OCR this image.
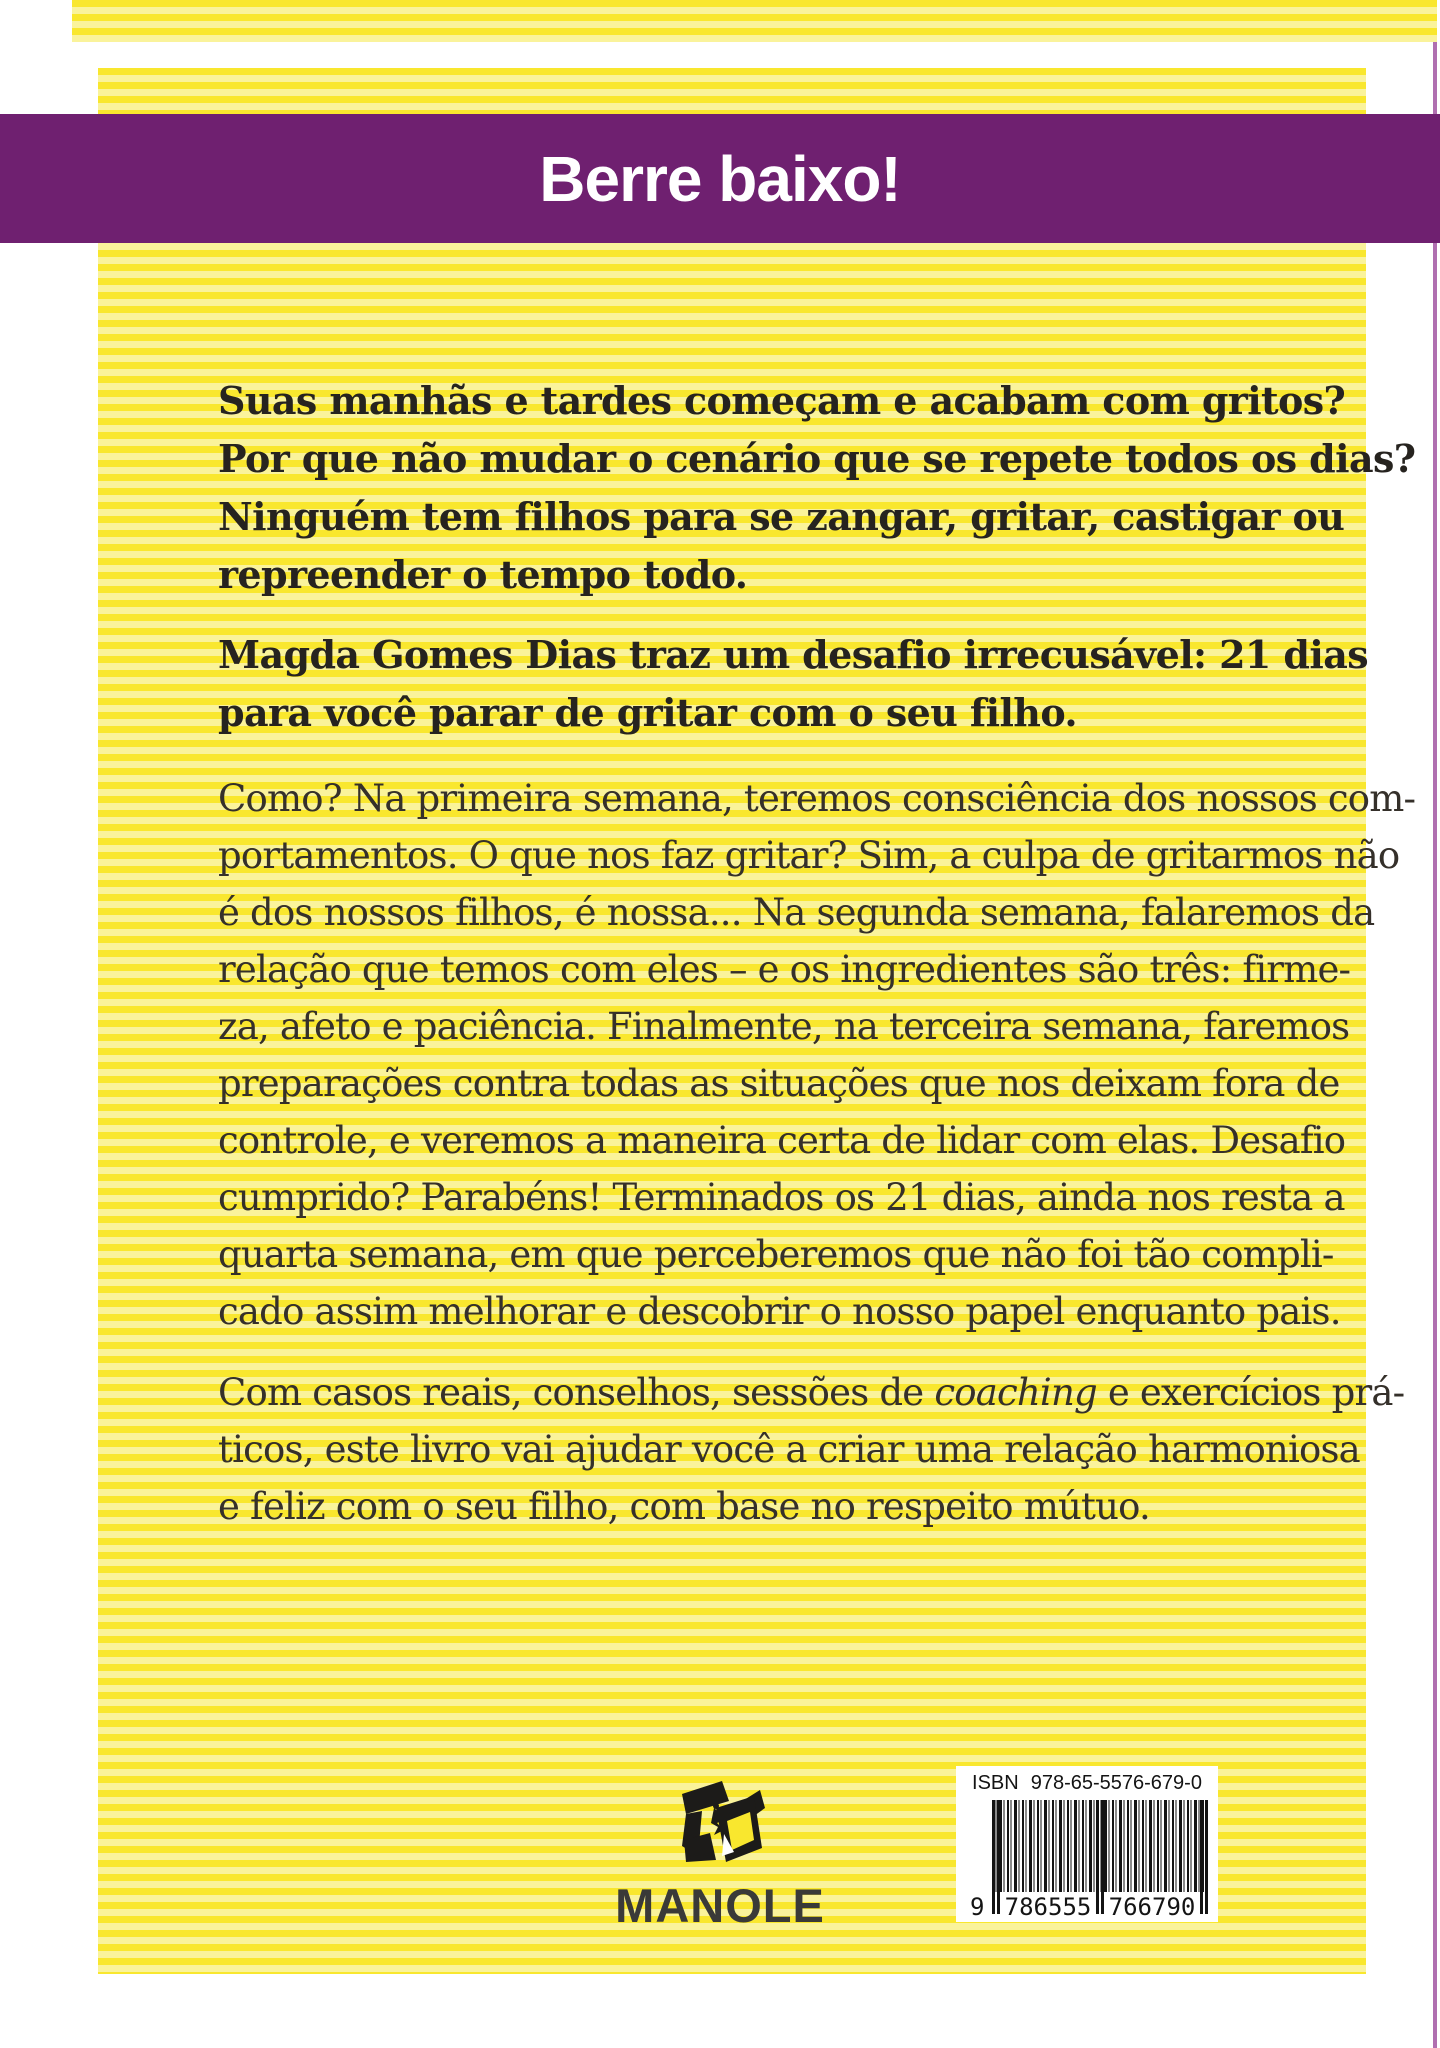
Berre baixo!
Suas manhãs e tardes começam e acabam com gritos?
Por que não mudar o cenário que se repete todos os dias?
Ninguém tem filhos para se zangar, gritar, castigar ou
repreender o tempo todo.
Magda Gomes Dias traz um desafio irrecusável: 21 dias
para você parar de gritar com o seu filho.
Como? Na primeira semana, teremos consciência dos nossos com-
portamentos. O que nos faz gritar? Sim, a culpa de gritarmos não
é dos nossos filhos, é nossa... Na segunda semana, falaremos da
relação que temos com eles – e os ingredientes são três: firme-
za, afeto e paciência. Finalmente, na terceira semana, faremos
preparações contra todas as situações que nos deixam fora de
controle, e veremos a maneira certa de lidar com elas. Desafio
cumprido? Parabéns! Terminados os 21 dias, ainda nos resta a
quarta semana, em que perceberemos que não foi tão compli-
cado assim melhorar e descobrir o nosso papel enquanto pais.
Com casos reais, conselhos, sessões de coaching e exercícios prá-
ticos, este livro vai ajudar você a criar uma relação harmoniosa
e feliz com o seu filho, com base no respeito mútuo.
MANOLE
ISBN 978-65-5576-679-0
9 786555 766790
